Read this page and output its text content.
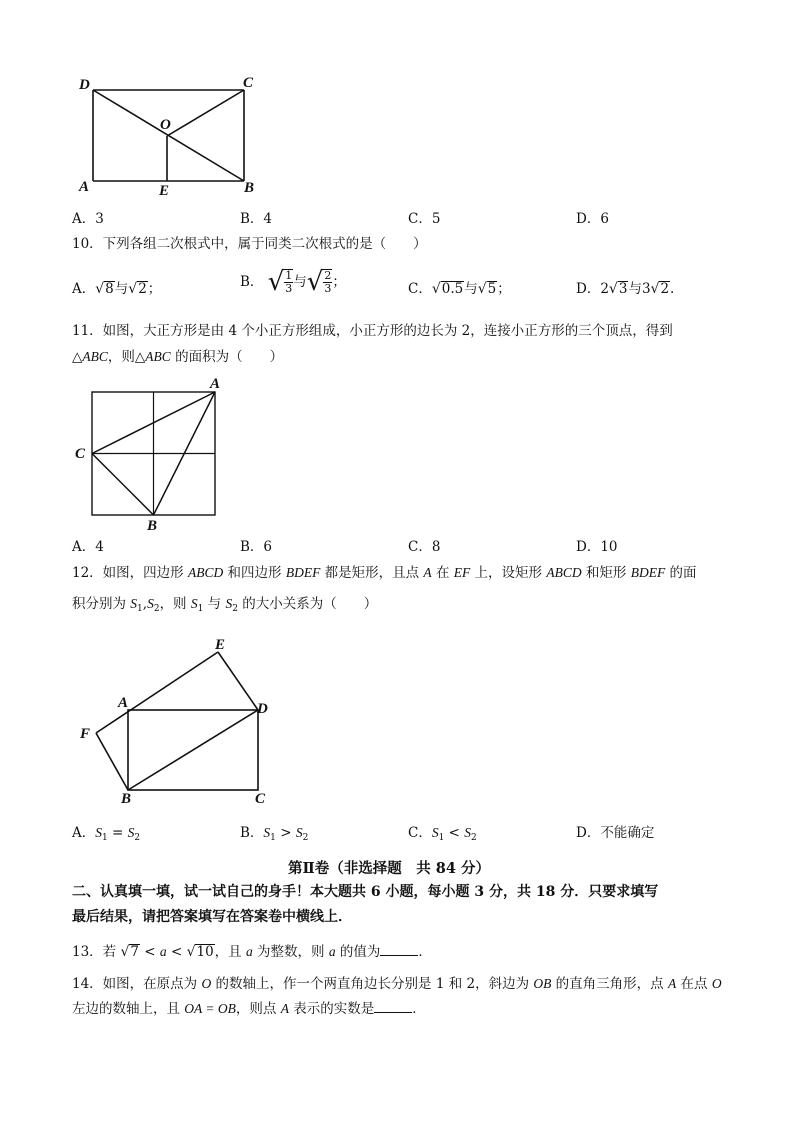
D	C
O
A	E	B
A．3	B．4	C．5	D．6
10．下列各组二次根式中，属于同类二次根式的是（　　）
A．√8与√2；	B． √ $\frac{1}{3}$ 与√ $\frac{2}{3}$ ；	C．√0.5与√5；	D．2√3与3√2.
11．如图，大正方形是由 4 个小正方形组成，小正方形的边长为 2，连接小正方形的三个顶点，得到
△ABC，则△ABC 的面积为（　　）
A
C
B
A．4	B．6	C．8	D．10
12．如图，四边形 ABCD 和四边形 BDEF 都是矩形，且点 A 在 EF 上，设矩形 ABCD 和矩形 BDEF 的面
积分别为 $S_1,S_2$，则 $S_1$ 与 $S_2$ 的大小关系为（　　）
E
A	D
F
B	C
A．$S_1 = S_2$	B．$S_1 > S_2$	C．$S_1 < S_2$	D．不能确定
第Ⅱ卷（非选择题　共 84 分）
二、认真填一填，试一试自己的身手！本大题共 6 小题，每小题 3 分，共 18 分．只要求填写
最后结果，请把答案填写在答案卷中横线上．
13．若 √7 < a < √10，且 a 为整数，则 a 的值为	．
14．如图，在原点为 O 的数轴上，作一个两直角边长分别是 1 和 2，斜边为 OB 的直角三角形，点 A 在点 O
左边的数轴上，且 OA = OB，则点 A 表示的实数是	．
